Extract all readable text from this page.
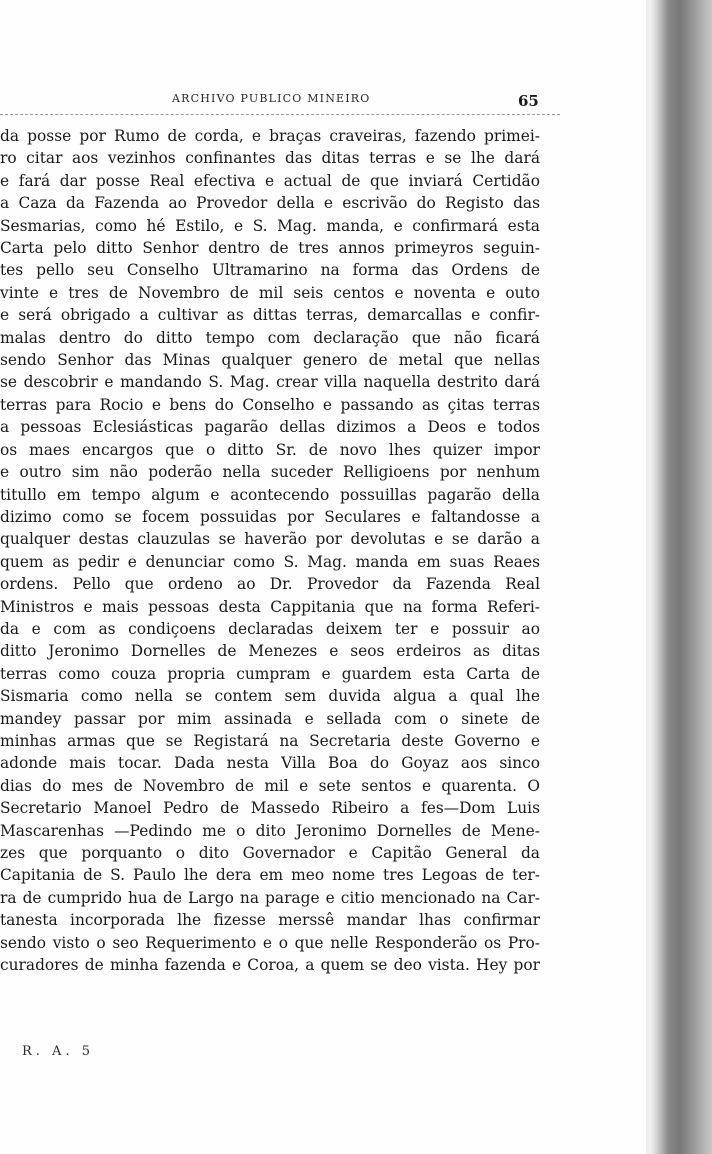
ARCHIVO PUBLICO MINEIRO	65
da posse por Rumo de corda, e braças craveiras, fazendo primei-
ro citar aos vezinhos confinantes das ditas terras e se lhe dará
e fará dar posse Real efectiva e actual de que inviará Certidão
a Caza da Fazenda ao Provedor della e escrivão do Registo das
Sesmarias, como hé Estilo, e S. Mag. manda, e confirmará esta
Carta pelo ditto Senhor dentro de tres annos primeyros seguin-
tes pello seu Conselho Ultramarino na forma das Ordens de
vinte e tres de Novembro de mil seis centos e noventa e outo
e será obrigado a cultivar as dittas terras, demarcallas e confir-
malas dentro do ditto tempo com declaração que não ficará
sendo Senhor das Minas qualquer genero de metal que nellas
se descobrir e mandando S. Mag. crear villa naquella destrito dará
terras para Rocio e bens do Conselho e passando as çitas terras
a pessoas Eclesiásticas pagarão dellas dizimos a Deos e todos
os maes encargos que o ditto Sr. de novo lhes quizer impor
e outro sim não poderão nella suceder Relligioens por nenhum
titullo em tempo algum e acontecendo possuillas pagarão della
dizimo como se focem possuidas por Seculares e faltandosse a
qualquer destas clauzulas se haverão por devolutas e se darão a
quem as pedir e denunciar como S. Mag. manda em suas Reaes
ordens. Pello que ordeno ao Dr. Provedor da Fazenda Real
Ministros e mais pessoas desta Cappitania que na forma Referi-
da e com as condiçoens declaradas deixem ter e possuir ao
ditto Jeronimo Dornelles de Menezes e seos erdeiros as ditas
terras como couza propria cumpram e guardem esta Carta de
Sismaria como nella se contem sem duvida algua a qual lhe
mandey passar por mim assinada e sellada com o sinete de
minhas armas que se Registará na Secretaria deste Governo e
adonde mais tocar. Dada nesta Villa Boa do Goyaz aos sinco
dias do mes de Novembro de mil e sete sentos e quarenta. O
Secretario Manoel Pedro de Massedo Ribeiro a fes—Dom Luis
Mascarenhas —Pedindo me o dito Jeronimo Dornelles de Mene-
zes que porquanto o dito Governador e Capitão General da
Capitania de S. Paulo lhe dera em meo nome tres Legoas de ter-
ra de cumprido hua de Largo na parage e citio mencionado na Car-
tanesta incorporada lhe fizesse merssê mandar lhas confirmar
sendo visto o seo Requerimento e o que nelle Responderão os Pro-
curadores de minha fazenda e Coroa, a quem se deo vista. Hey por
R. A. 5
